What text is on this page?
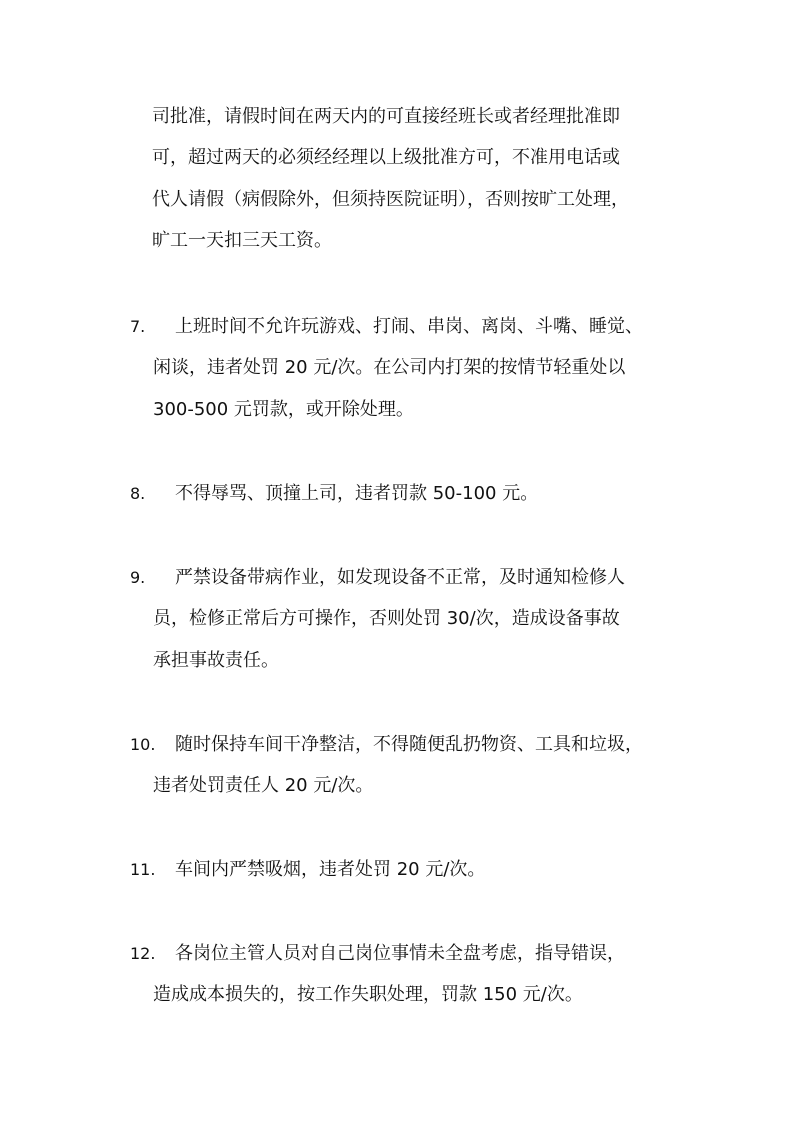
司批准，请假时间在两天内的可直接经班长或者经理批准即
可，超过两天的必须经经理以上级批准方可，不准用电话或
代人请假（病假除外，但须持医院证明），否则按旷工处理，
旷工一天扣三天工资。
7. 上班时间不允许玩游戏、打闹、串岗、离岗、斗嘴、睡觉、
闲谈，违者处罚 20 元/次。在公司内打架的按情节轻重处以
300-500 元罚款，或开除处理。
8. 不得辱骂、顶撞上司，违者罚款 50-100 元。
9. 严禁设备带病作业，如发现设备不正常，及时通知检修人
员，检修正常后方可操作，否则处罚 30/次，造成设备事故
承担事故责任。
10. 随时保持车间干净整洁，不得随便乱扔物资、工具和垃圾，
违者处罚责任人 20 元/次。
11. 车间内严禁吸烟，违者处罚 20 元/次。
12. 各岗位主管人员对自己岗位事情未全盘考虑，指导错误，
造成成本损失的，按工作失职处理，罚款 150 元/次。
